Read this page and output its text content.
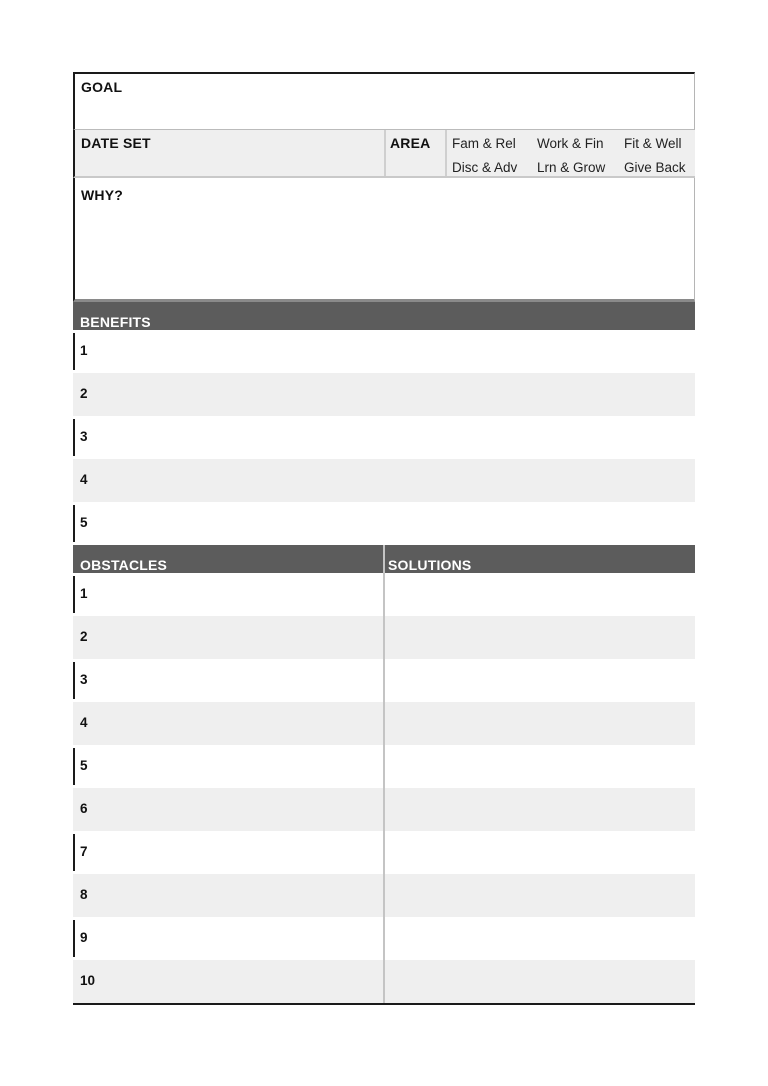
GOAL
DATE SET	AREA Fam & Rel Work & Fin Fit & Well
Disc & Adv Lrn & Grow Give Back
WHY?
BENEFITS
1
2
3
4
5
OBSTACLES	SOLUTIONS
1
2
3
4
5
6
7
8
9
10
